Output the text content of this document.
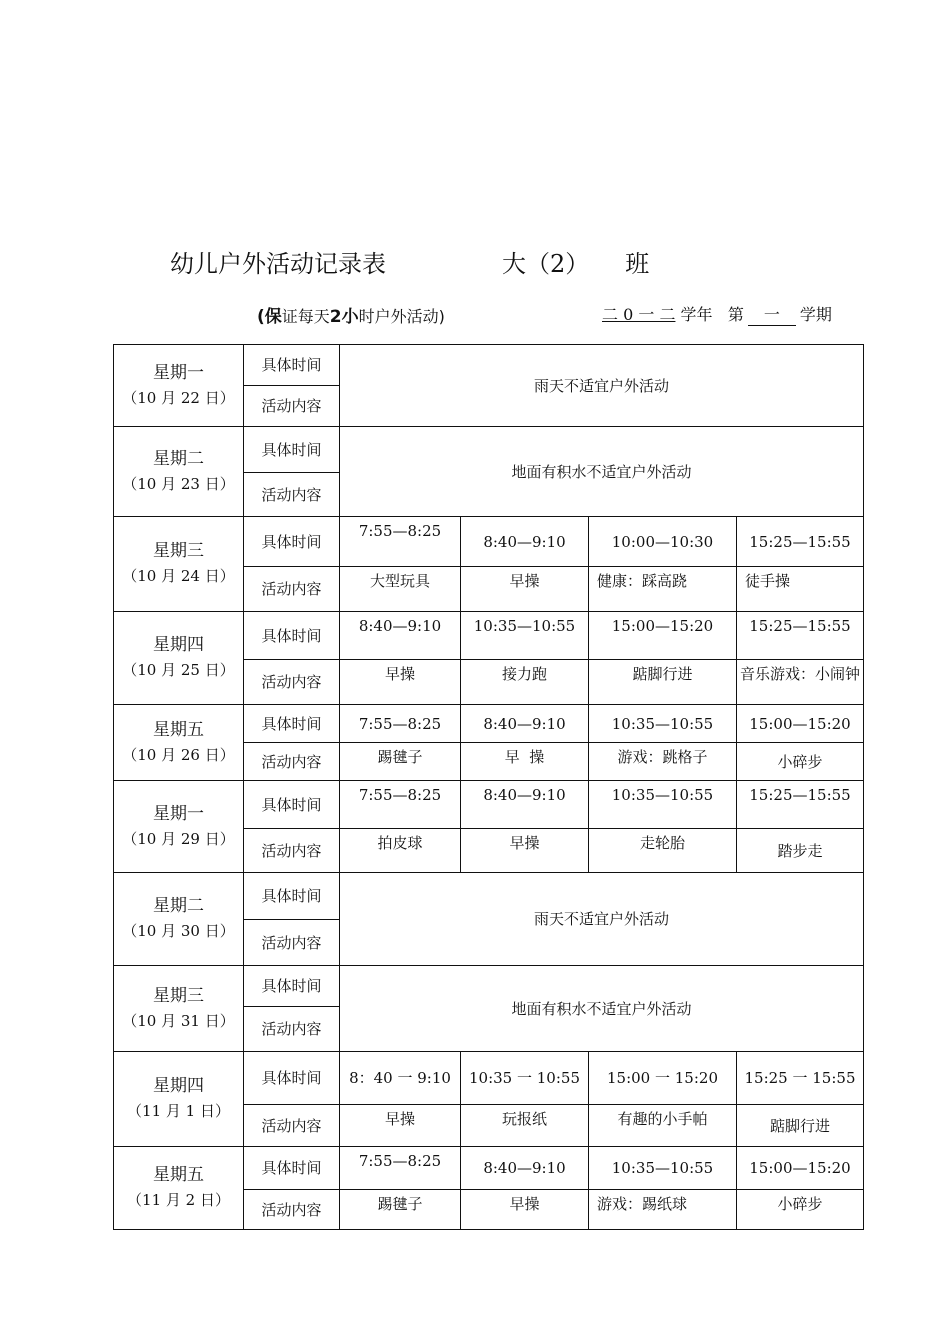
幼儿户外活动记录表	大（2） 班
(保证每天2小时户外活动)	二 0 一 二 学年 第 一 学期
星期一
（10 月 22 日）	具体时间	雨天不适宜户外活动			
	活动内容				

星期二
（10 月 23 日）	具体时间	地面有积水不适宜户外活动			
	活动内容				

星期三
（10 月 24 日）	具体时间	7:55—8:25	8:40—9:10	10:00—10:30	15:25—15:55
	活动内容	大型玩具	早操	健康：踩高跷	徒手操

星期四
（10 月 25 日）	具体时间	8:40—9:10	10:35—10:55	15:00—15:20	15:25—15:55
	活动内容	早操	接力跑	踮脚行进	音乐游戏：小闹钟

星期五
（10 月 26 日）	具体时间	7:55—8:25	8:40—9:10	10:35—10:55	15:00—15:20
	活动内容	踢毽子	早  操	游戏：跳格子	小碎步

星期一
（10 月 29 日）	具体时间	7:55—8:25	8:40—9:10	10:35—10:55	15:25—15:55
	活动内容	拍皮球	早操	走轮胎	踏步走

星期二
（10 月 30 日）	具体时间	雨天不适宜户外活动			
	活动内容				

星期三
（10 月 31 日）	具体时间	地面有积水不适宜户外活动			
	活动内容				

星期四
（11 月 1 日）	具体时间	8：40 一 9:10	10:35 一 10:55	15:00 一 15:20	15:25 一 15:55
	活动内容	早操	玩报纸	有趣的小手帕	踮脚行进

星期五
（11 月 2 日）	具体时间	7:55—8:25	8:40—9:10	10:35—10:55	15:00—15:20
	活动内容	踢毽子	早操	游戏：踢纸球	小碎步
